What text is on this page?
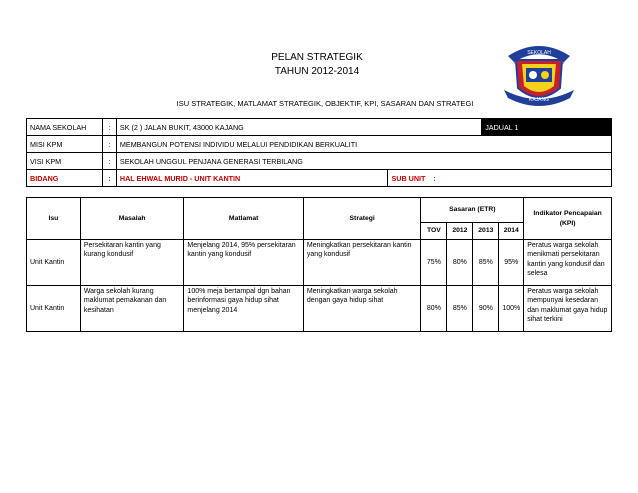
PELAN STRATEGIK
TAHUN 2012-2014
ISU STRATEGIK, MATLAMAT STRATEGIK, OBJEKTIF, KPI, SASARAN DAN STRATEGI
SEKOLAH
KAJANG
NAMA SEKOLAH	:	SK (2 ) JALAN BUKIT, 43000 KAJANG		JADUAL 1
MISI KPM	:	MEMBANGUN POTENSI INDIVIDU MELALUI PENDIDIKAN BERKUALITI		
VISI KPM	:	SEKOLAH UNGGUL PENJANA GENERASI TERBILANG		
BIDANG	:	HAL EHWAL MURID - UNIT KANTIN	SUB UNIT :	
Isu	Masalah	Matlamat	Strategi	Sasaran (ETR)				Indikator Pencapaian (KPI)
				TOV	2012	2013	2014	
Unit Kantin	Persekitaran kantin yang kurang kondusif	Menjelang 2014, 95% persekitaran kantin yang kondusif	Meningkatkan persekitaran kantin yang kondusif	75%	80%	85%	95%	Peratus warga sekolah menikmati persekitaran kantin yang kondusif dan selesa
Unit Kantin	Warga sekolah kurang maklumat pemakanan dan kesihatan	100% meja bertampal dgn bahan berinformasi gaya hidup sihat menjelang 2014	Meningkatkan warga sekolah dengan gaya hidup sihat	80%	85%	90%	100%	Peratus warga sekolah mempunyai kesedaran dan maklumat gaya hidup sihat terkini
